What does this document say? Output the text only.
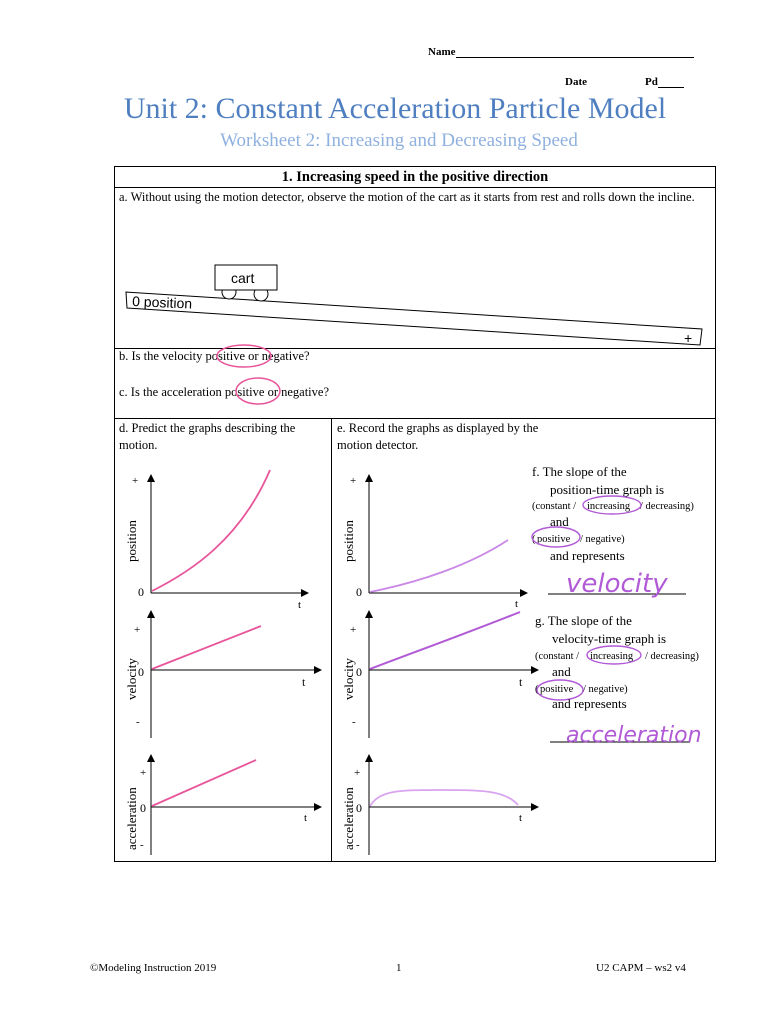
Name
Date	Pd
Unit 2: Constant Acceleration Particle Model
Worksheet 2: Increasing and Decreasing Speed
1. Increasing speed in the positive direction
a. Without using the motion detector, observe the motion of the cart as it starts from rest and rolls down the incline.
b. Is the velocity positive or negative?
c. Is the acceleration positive or negative?
d. Predict the graphs describing the motion.
e. Record the graphs as displayed by the motion detector.
0 position
+
cart
+
0
t
position
+
0
-
t
velocity
+
0
-
t
acceleration
+
0
t
position
+
0
-
t
velocity
+
0
-
t
acceleration
f. The slope of the
position-time graph is
(constant / increasing / decreasing)
and
( positive / negative)
and represents
velocity
g. The slope of the
velocity-time graph is
(constant / increasing / decreasing)
and
( positive / negative)
and represents
acceleration
©Modeling Instruction 2019	1	U2 CAPM – ws2 v4
